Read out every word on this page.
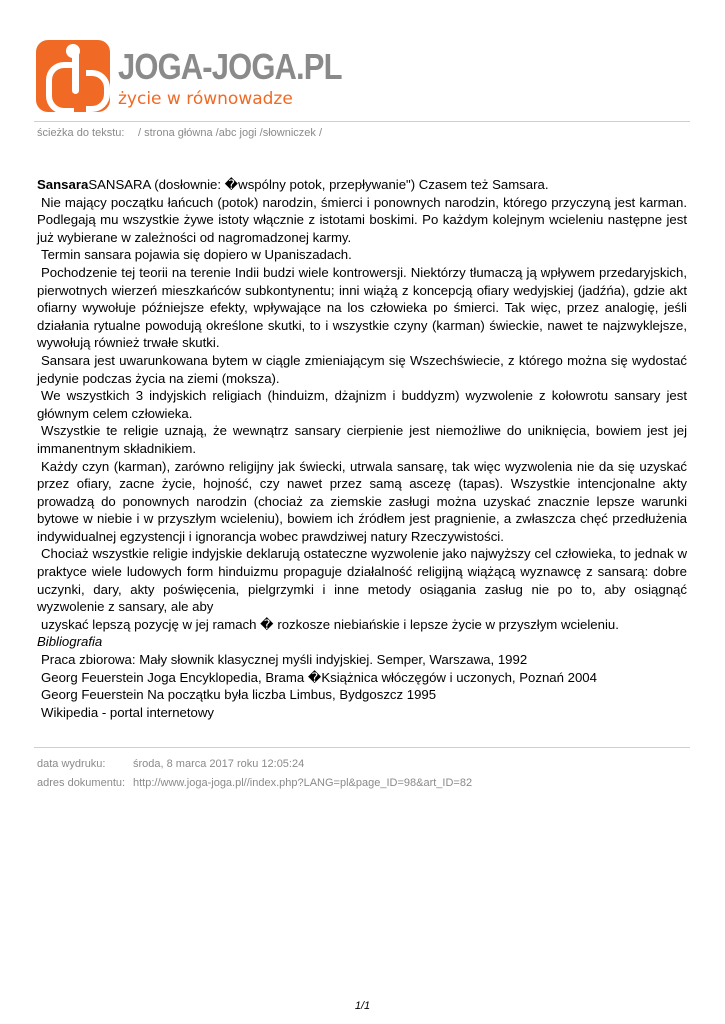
JOGA-JOGA.PL
życie w równowadze
ścieżka do tekstu: / strona główna /abc jogi /słowniczek /

SansaraSANSARA (dosłownie: �wspólny potok, przepływanie") Czasem też Samsara.

Nie mający początku łańcuch (potok) narodzin, śmierci i ponownych narodzin, którego przyczyną jest karman. Podlegają mu wszystkie żywe istoty włącznie z istotami boskimi. Po każdym kolejnym wcieleniu następne jest już wybierane w zależności od nagromadzonej karmy.

Termin sansara pojawia się dopiero w Upaniszadach.

Pochodzenie tej teorii na terenie Indii budzi wiele kontrowersji. Niektórzy tłumaczą ją wpływem przedaryjskich, pierwotnych wierzeń mieszkańców subkontynentu; inni wiążą z koncepcją ofiary wedyjskiej (jadźńa), gdzie akt ofiarny wywołuje późniejsze efekty, wpływające na los człowieka po śmierci. Tak więc, przez analogię, jeśli działania rytualne powodują określone skutki, to i wszystkie czyny (karman) świeckie, nawet te najzwyklejsze, wywołują również trwałe skutki.

Sansara jest uwarunkowana bytem w ciągle zmieniającym się Wszechświecie, z którego można się wydostać jedynie podczas życia na ziemi (moksza).

We wszystkich 3 indyjskich religiach (hinduizm, dżajnizm i buddyzm) wyzwolenie z kołowrotu sansary jest głównym celem człowieka.

Wszystkie te religie uznają, że wewnątrz sansary cierpienie jest niemożliwe do uniknięcia, bowiem jest jej immanentnym składnikiem.

Każdy czyn (karman), zarówno religijny jak świecki, utrwala sansarę, tak więc wyzwolenia nie da się uzyskać przez ofiary, zacne życie, hojność, czy nawet przez samą ascezę (tapas). Wszystkie intencjonalne akty prowadzą do ponownych narodzin (chociaż za ziemskie zasługi można uzyskać znacznie lepsze warunki bytowe w niebie i w przyszłym wcieleniu), bowiem ich źródłem jest pragnienie, a zwłaszcza chęć przedłużenia indywidualnej egzystencji i ignorancja wobec prawdziwej natury Rzeczywistości.

Chociaż wszystkie religie indyjskie deklarują ostateczne wyzwolenie jako najwyższy cel człowieka, to jednak w praktyce wiele ludowych form hinduizmu propaguje działalność religijną wiążącą wyznawcę z sansarą: dobre uczynki, dary, akty poświęcenia, pielgrzymki i inne metody osiągania zasług nie po to, aby osiągnąć wyzwolenie z sansary, ale aby

uzyskać lepszą pozycję w jej ramach � rozkosze niebiańskie i lepsze życie w przyszłym wcieleniu.

Bibliografia

Praca zbiorowa: Mały słownik klasycznej myśli indyjskiej. Semper, Warszawa, 1992

Georg Feuerstein Joga Encyklopedia, Brama �Książnica włóczęgów i uczonych, Poznań 2004

Georg Feuerstein Na początku była liczba Limbus, Bydgoszcz 1995

Wikipedia - portal internetowy

data wydruku:	środa, 8 marca 2017 roku 12:05:24
adres dokumentu: http://www.joga-joga.pl//index.php?LANG=pl&page_ID=98&art_ID=82
1/1
